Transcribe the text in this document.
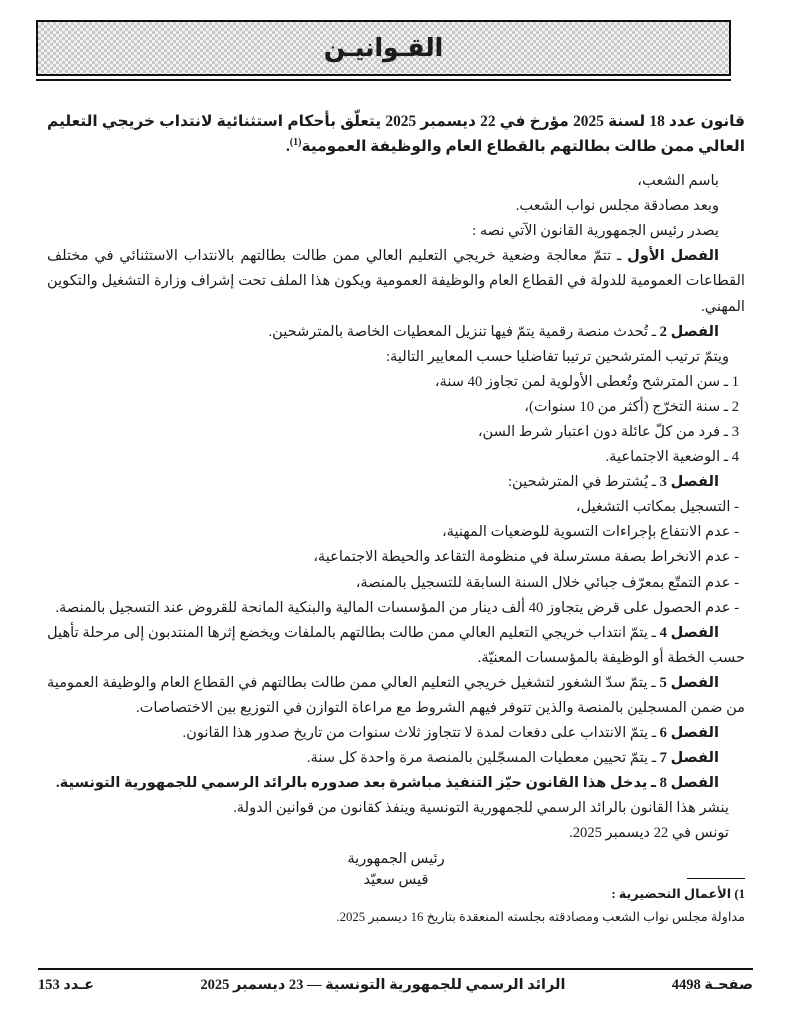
القـوانيـن

قانون عدد 18 لسنة 2025 مؤرخ في 22 ديسمبر 2025 يتعلّق بأحكام استثنائية لانتداب خريجي التعليم العالي ممن طالت بطالتهم بالقطاع العام والوظيفة العمومية$^{(1)}$.

باسم الشعب،

وبعد مصادقة مجلس نواب الشعب.

يصدر رئيس الجمهورية القانون الآتي نصه :

الفصل الأول ـ تتمّ معالجة وضعية خريجي التعليم العالي ممن طالت بطالتهم بالانتداب الاستثنائي في مختلف القطاعات العمومية للدولة في القطاع العام والوظيفة العمومية ويكون هذا الملف تحت إشراف وزارة التشغيل والتكوين المهني.

الفصل 2 ـ تُحدث منصة رقمية يتمّ فيها تنزيل المعطيات الخاصة بالمترشحين.

ويتمّ ترتيب المترشحين ترتيبا تفاضليا حسب المعايير التالية:

1 ـ سن المترشح وتُعطى الأولوية لمن تجاوز 40 سنة،

2 ـ سنة التخرّج (أكثر من 10 سنوات)،

3 ـ فرد من كلّ عائلة دون اعتبار شرط السن،

4 ـ الوضعية الاجتماعية.

الفصل 3 ـ يُشترط في المترشحين:

- التسجيل بمكاتب التشغيل،

- عدم الانتفاع بإجراءات التسوية للوضعيات المهنية،

- عدم الانخراط بصفة مسترسلة في منظومة التقاعد والحيطة الاجتماعية،

- عدم التمتّع بمعرّف جبائي خلال السنة السابقة للتسجيل بالمنصة،

- عدم الحصول على قرض يتجاوز 40 ألف دينار من المؤسسات المالية والبنكية المانحة للقروض عند التسجيل بالمنصة.

الفصل 4 ـ يتمّ انتداب خريجي التعليم العالي ممن طالت بطالتهم بالملفات ويخضع إثرها المنتدبون إلى مرحلة تأهيل حسب الخطة أو الوظيفة بالمؤسسات المعنيّة.

الفصل 5 ـ يتمّ سدّ الشغور لتشغيل خريجي التعليم العالي ممن طالت بطالتهم في القطاع العام والوظيفة العمومية من ضمن المسجلين بالمنصة والذين تتوفر فيهم الشروط مع مراعاة التوازن في التوزيع بين الاختصاصات.

الفصل 6 ـ يتمّ الانتداب على دفعات لمدة لا تتجاوز ثلاث سنوات من تاريخ صدور هذا القانون.

الفصل 7 ـ يتمّ تحيين معطيات المسجّلين بالمنصة مرة واحدة كل سنة.

الفصل 8 ـ يدخل هذا القانون حيّز التنفيذ مباشرة بعد صدوره بالرائد الرسمي للجمهورية التونسية.

ينشر هذا القانون بالرائد الرسمي للجمهورية التونسية وينفذ كقانون من قوانين الدولة.

تونس في 22 ديسمبر 2025.

رئيس الجمهورية
قيس سعيّد
1) الأعمال التحضيرية :
مداولة مجلس نواب الشعب ومصادقته بجلسته المنعقدة بتاريخ 16 ديسمبر 2025.
صفحـة 4498
الرائد الرسمي للجمهورية التونسية — 23 ديسمبر 2025
عـدد 153
